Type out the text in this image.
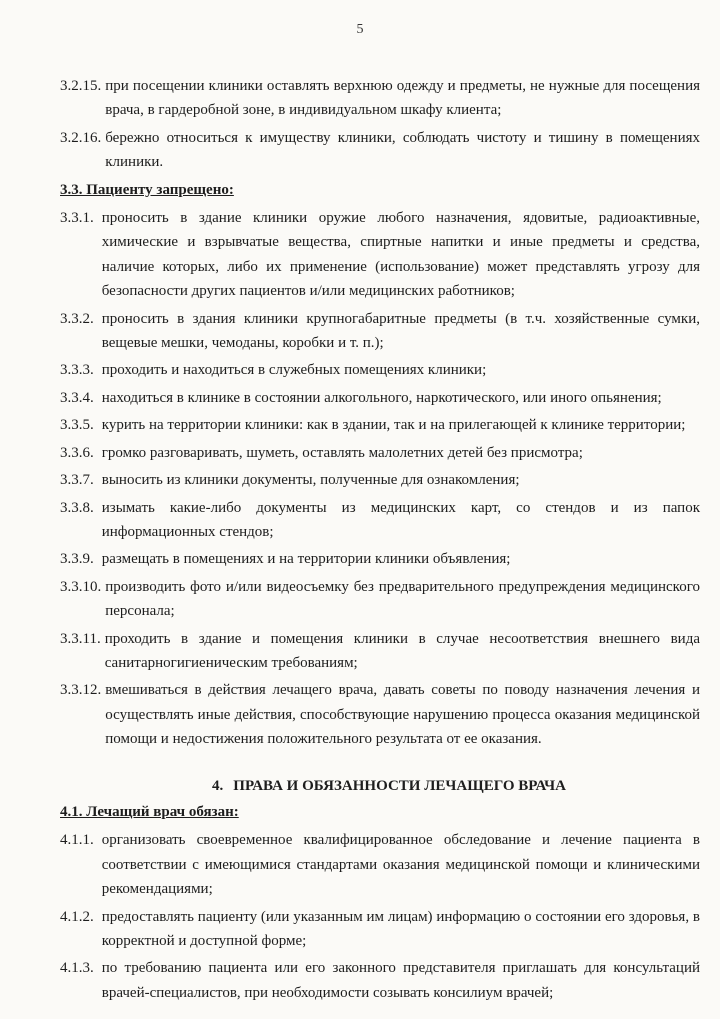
5
3.2.15. при посещении клиники оставлять верхнюю одежду и предметы, не нужные для посещения врача, в гардеробной зоне, в индивидуальном шкафу клиента;
3.2.16. бережно относиться к имуществу клиники, соблюдать чистоту и тишину в помещениях клиники.
3.3. Пациенту запрещено:
3.3.1. проносить в здание клиники оружие любого назначения, ядовитые, радиоактивные, химические и взрывчатые вещества, спиртные напитки и иные предметы и средства, наличие которых, либо их применение (использование) может представлять угрозу для безопасности других пациентов и/или медицинских работников;
3.3.2. проносить в здания клиники крупногабаритные предметы (в т.ч. хозяйственные сумки, вещевые мешки, чемоданы, коробки и т. п.);
3.3.3. проходить и находиться в служебных помещениях клиники;
3.3.4. находиться в клинике в состоянии алкогольного, наркотического, или иного опьянения;
3.3.5. курить на территории клиники: как в здании, так и на прилегающей к клинике территории;
3.3.6. громко разговаривать, шуметь, оставлять малолетних детей без присмотра;
3.3.7. выносить из клиники документы, полученные для ознакомления;
3.3.8. изымать какие-либо документы из медицинских карт, со стендов и из папок информационных стендов;
3.3.9. размещать в помещениях и на территории клиники объявления;
3.3.10. производить фото и/или видеосъемку без предварительного предупреждения медицинского персонала;
3.3.11. проходить в здание и помещения клиники в случае несоответствия внешнего вида санитарногигиеническим требованиям;
3.3.12. вмешиваться в действия лечащего врача, давать советы по поводу назначения лечения и осуществлять иные действия, способствующие нарушению процесса оказания медицинской помощи и недостижения положительного результата от ее оказания.
4. ПРАВА И ОБЯЗАННОСТИ ЛЕЧАЩЕГО ВРАЧА
4.1. Лечащий врач обязан:
4.1.1. организовать своевременное квалифицированное обследование и лечение пациента в соответствии с имеющимися стандартами оказания медицинской помощи и клиническими рекомендациями;
4.1.2. предоставлять пациенту (или указанным им лицам) информацию о состоянии его здоровья, в корректной и доступной форме;
4.1.3. по требованию пациента или его законного представителя приглашать для консультаций врачей-специалистов, при необходимости созывать консилиум врачей;
